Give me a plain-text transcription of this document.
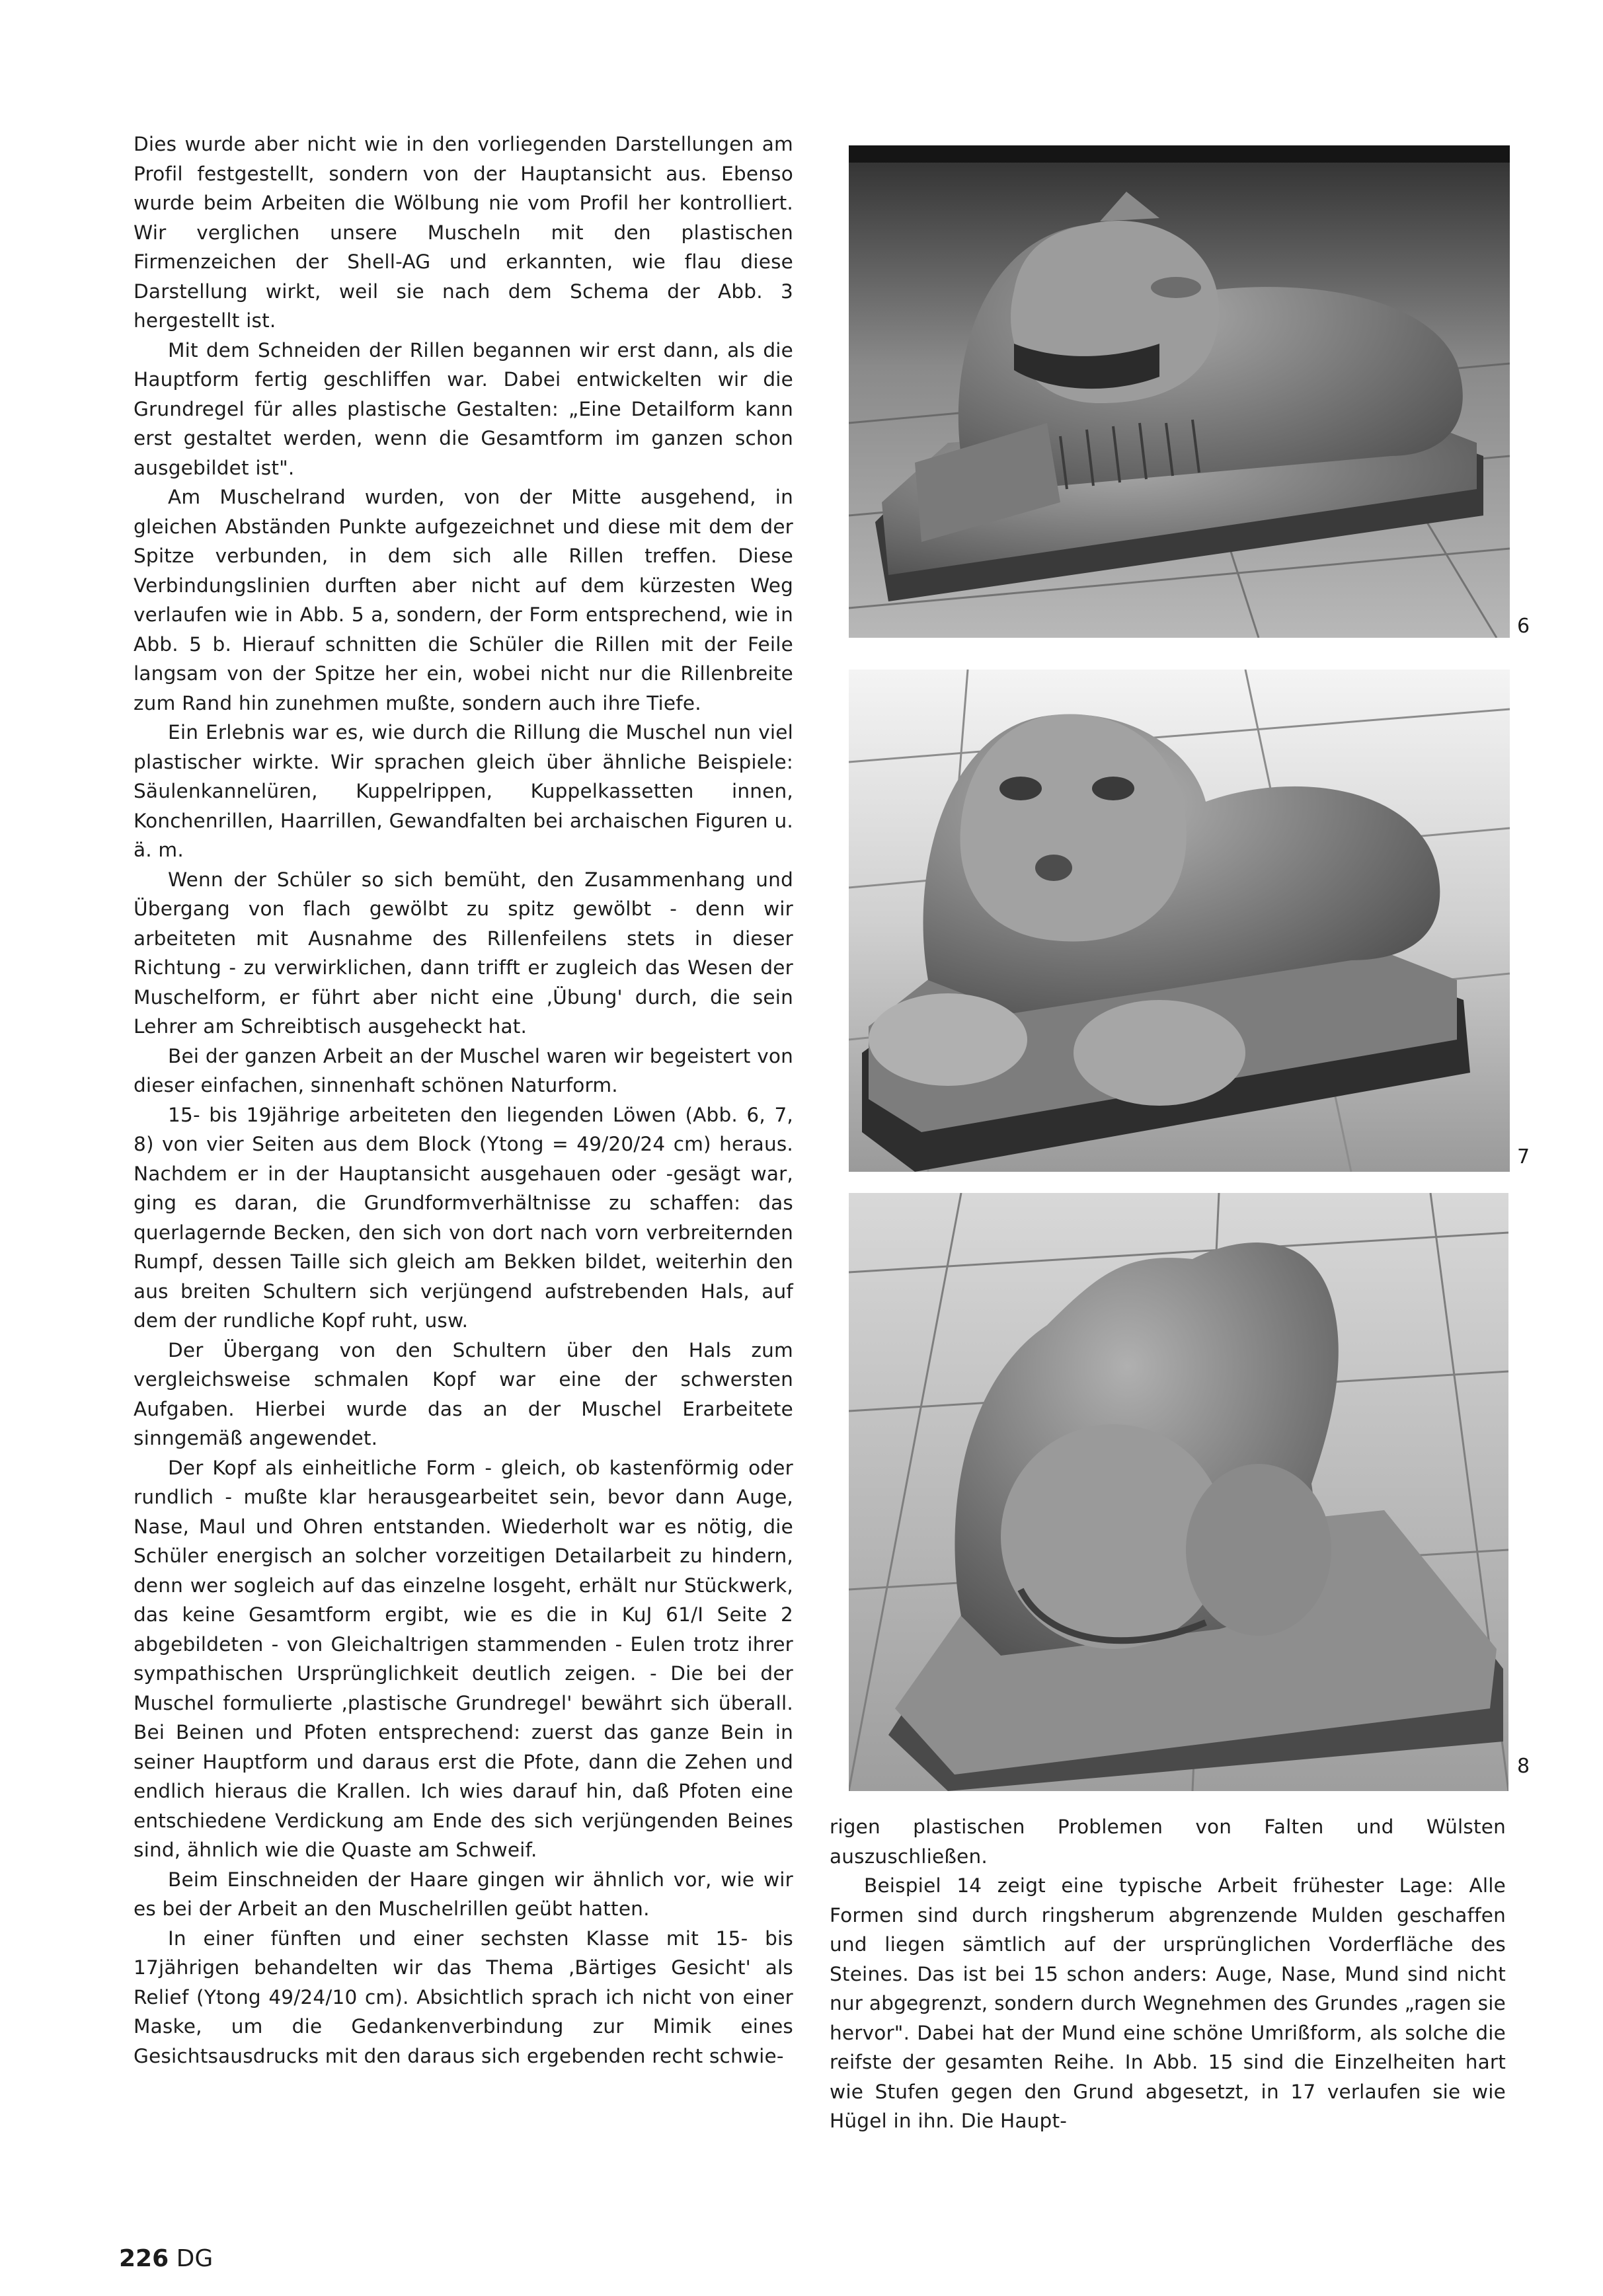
Dies wurde aber nicht wie in den vorliegenden Darstellungen am Profil festgestellt, sondern von der Hauptansicht aus. Ebenso wurde beim Arbeiten die Wölbung nie vom Profil her kontrolliert. Wir verglichen unsere Muscheln mit den plastischen Firmenzeichen der Shell-AG und erkannten, wie flau diese Darstellung wirkt, weil sie nach dem Schema der Abb. 3 hergestellt ist.

Mit dem Schneiden der Rillen begannen wir erst dann, als die Hauptform fertig geschliffen war. Dabei entwickelten wir die Grundregel für alles plastische Gestalten: „Eine Detailform kann erst gestaltet werden, wenn die Gesamtform im ganzen schon ausgebildet ist".

Am Muschelrand wurden, von der Mitte ausgehend, in gleichen Abständen Punkte aufgezeichnet und diese mit dem der Spitze verbunden, in dem sich alle Rillen treffen. Diese Verbindungslinien durften aber nicht auf dem kürzesten Weg verlaufen wie in Abb. 5 a, sondern, der Form entsprechend, wie in Abb. 5 b. Hierauf schnitten die Schüler die Rillen mit der Feile langsam von der Spitze her ein, wobei nicht nur die Rillenbreite zum Rand hin zunehmen mußte, sondern auch ihre Tiefe.

Ein Erlebnis war es, wie durch die Rillung die Muschel nun viel plastischer wirkte. Wir sprachen gleich über ähnliche Beispiele: Säulenkannelüren, Kuppelrippen, Kuppelkassetten innen, Konchenrillen, Haarrillen, Gewandfalten bei archaischen Figuren u. ä. m.

Wenn der Schüler so sich bemüht, den Zusammenhang und Übergang von flach gewölbt zu spitz gewölbt - denn wir arbeiteten mit Ausnahme des Rillenfeilens stets in dieser Richtung - zu verwirklichen, dann trifft er zugleich das Wesen der Muschelform, er führt aber nicht eine ‚Übung' durch, die sein Lehrer am Schreibtisch ausgeheckt hat.

Bei der ganzen Arbeit an der Muschel waren wir begeistert von dieser einfachen, sinnenhaft schönen Naturform.

15- bis 19jährige arbeiteten den liegenden Löwen (Abb. 6, 7, 8) von vier Seiten aus dem Block (Ytong = 49/20/24 cm) heraus. Nachdem er in der Hauptansicht ausgehauen oder -gesägt war, ging es daran, die Grundformverhältnisse zu schaffen: das querlagernde Becken, den sich von dort nach vorn verbreiternden Rumpf, dessen Taille sich gleich am Bekken bildet, weiterhin den aus breiten Schultern sich verjüngend aufstrebenden Hals, auf dem der rundliche Kopf ruht, usw.

Der Übergang von den Schultern über den Hals zum vergleichsweise schmalen Kopf war eine der schwersten Aufgaben. Hierbei wurde das an der Muschel Erarbeitete sinngemäß angewendet.

Der Kopf als einheitliche Form - gleich, ob kastenförmig oder rundlich - mußte klar herausgearbeitet sein, bevor dann Auge, Nase, Maul und Ohren entstanden. Wiederholt war es nötig, die Schüler energisch an solcher vorzeitigen Detailarbeit zu hindern, denn wer sogleich auf das einzelne losgeht, erhält nur Stückwerk, das keine Gesamtform ergibt, wie es die in KuJ 61/I Seite 2 abgebildeten - von Gleichaltrigen stammenden - Eulen trotz ihrer sympathischen Ursprünglichkeit deutlich zeigen. - Die bei der Muschel formulierte ‚plastische Grundregel' bewährt sich überall. Bei Beinen und Pfoten entsprechend: zuerst das ganze Bein in seiner Hauptform und daraus erst die Pfote, dann die Zehen und endlich hieraus die Krallen. Ich wies darauf hin, daß Pfoten eine entschiedene Verdickung am Ende des sich verjüngenden Beines sind, ähnlich wie die Quaste am Schweif.

Beim Einschneiden der Haare gingen wir ähnlich vor, wie wir es bei der Arbeit an den Muschelrillen geübt hatten.

In einer fünften und einer sechsten Klasse mit 15- bis 17jährigen behandelten wir das Thema ‚Bärtiges Gesicht' als Relief (Ytong 49/24/10 cm). Absichtlich sprach ich nicht von einer Maske, um die Gedankenverbindung zur Mimik eines Gesichtsausdrucks mit den daraus sich ergebenden recht schwie-

6
7
8

rigen plastischen Problemen von Falten und Wülsten auszuschließen.

Beispiel 14 zeigt eine typische Arbeit frühester Lage: Alle Formen sind durch ringsherum abgrenzende Mulden geschaffen und liegen sämtlich auf der ursprünglichen Vorderfläche des Steines. Das ist bei 15 schon anders: Auge, Nase, Mund sind nicht nur abgegrenzt, sondern durch Wegnehmen des Grundes „ragen sie hervor". Dabei hat der Mund eine schöne Umrißform, als solche die reifste der gesamten Reihe. In Abb. 15 sind die Einzelheiten hart wie Stufen gegen den Grund abgesetzt, in 17 verlaufen sie wie Hügel in ihn. Die Haupt-

226 DG
